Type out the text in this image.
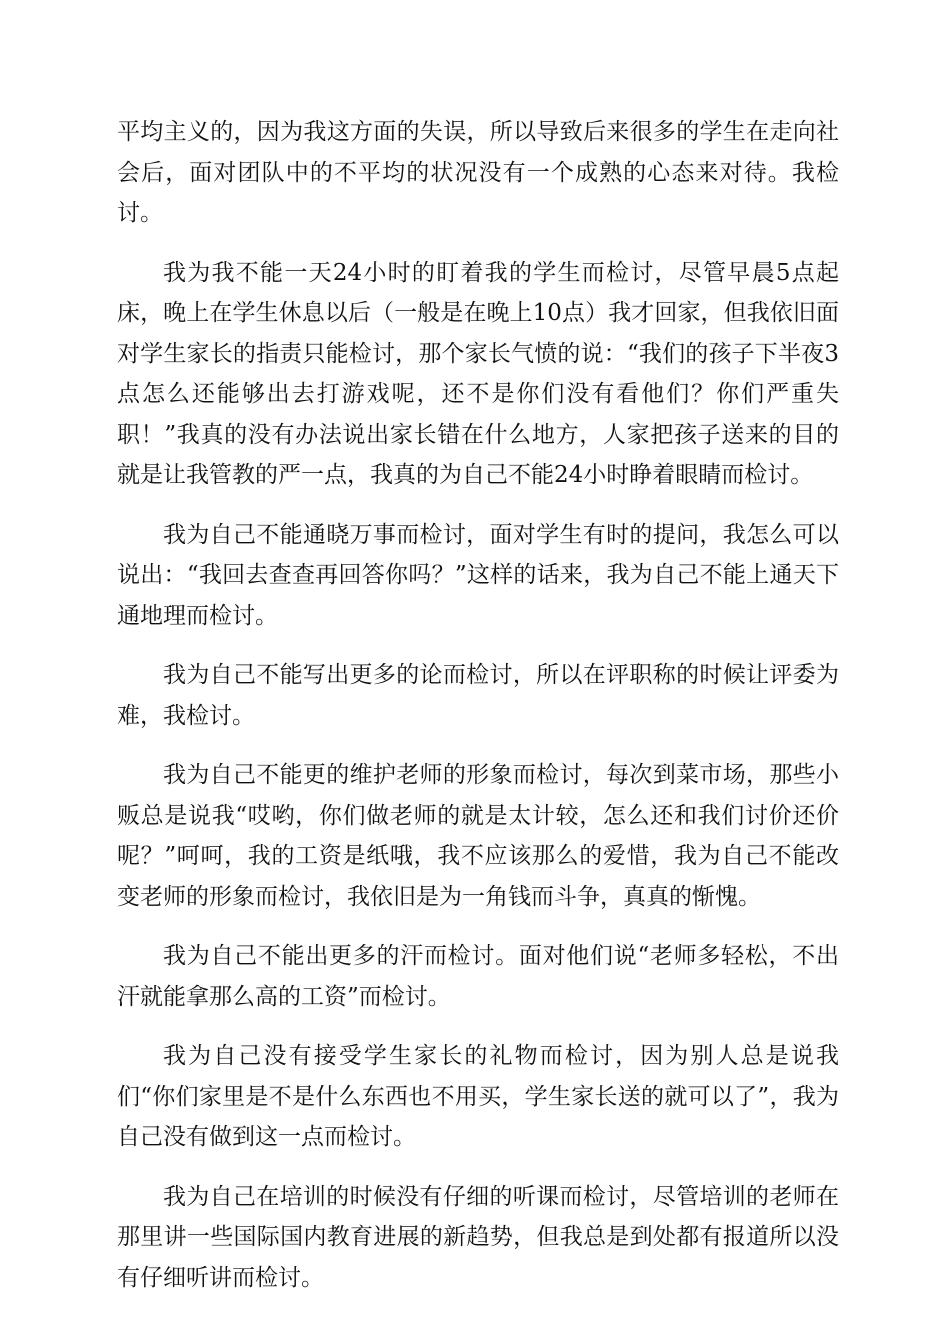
平均主义的，因为我这方面的失误，所以导致后来很多的学生在走向社会后，面对团队中的不平均的状况没有一个成熟的心态来对待。我检讨。

我为我不能一天24小时的盯着我的学生而检讨，尽管早晨5点起床，晚上在学生休息以后（一般是在晚上10点）我才回家，但我依旧面对学生家长的指责只能检讨，那个家长气愤的说：“我们的孩子下半夜3点怎么还能够出去打游戏呢，还不是你们没有看他们？你们严重失职！”我真的没有办法说出家长错在什么地方，人家把孩子送来的目的就是让我管教的严一点，我真的为自己不能24小时睁着眼睛而检讨。

我为自己不能通晓万事而检讨，面对学生有时的提问，我怎么可以说出：“我回去查查再回答你吗？”这样的话来，我为自己不能上通天下通地理而检讨。

我为自己不能写出更多的论而检讨，所以在评职称的时候让评委为难，我检讨。

我为自己不能更的维护老师的形象而检讨，每次到菜市场，那些小贩总是说我“哎哟，你们做老师的就是太计较，怎么还和我们讨价还价呢？”呵呵，我的工资是纸哦，我不应该那么的爱惜，我为自己不能改变老师的形象而检讨，我依旧是为一角钱而斗争，真真的惭愧。

我为自己不能出更多的汗而检讨。面对他们说“老师多轻松，不出汗就能拿那么高的工资”而检讨。

我为自己没有接受学生家长的礼物而检讨，因为别人总是说我们“你们家里是不是什么东西也不用买，学生家长送的就可以了”，我为自己没有做到这一点而检讨。

我为自己在培训的时候没有仔细的听课而检讨，尽管培训的老师在那里讲一些国际国内教育进展的新趋势，但我总是到处都有报道所以没有仔细听讲而检讨。
